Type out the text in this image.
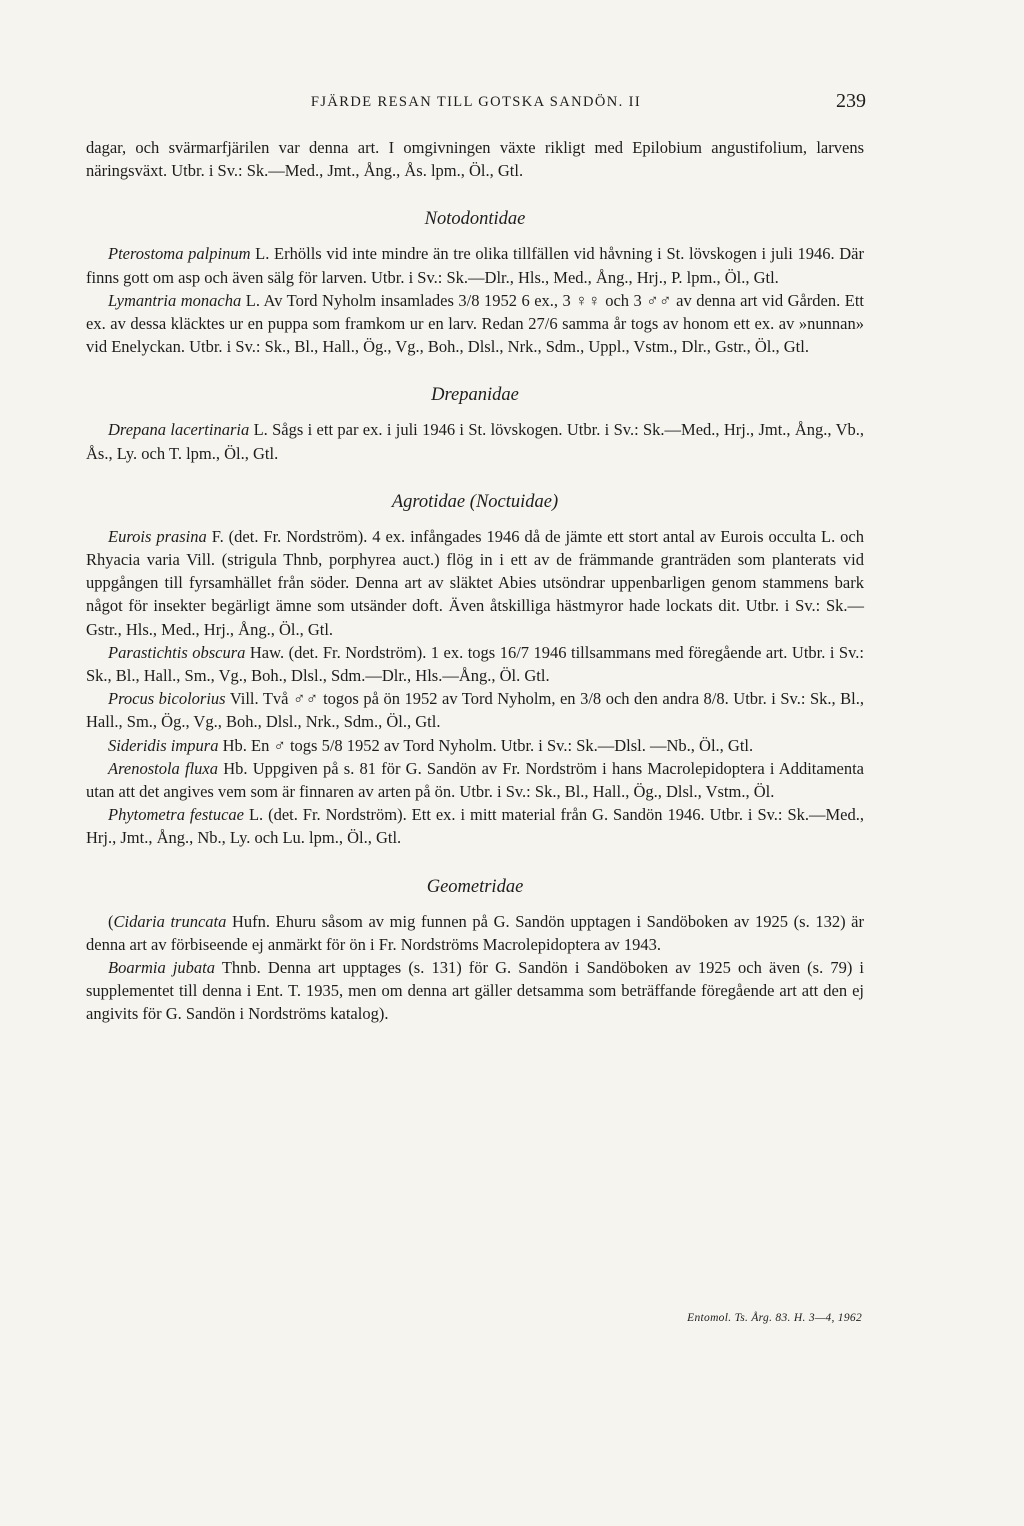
FJÄRDE RESAN TILL GOTSKA SANDÖN. II	239

dagar, och svärmarfjärilen var denna art. I omgivningen växte rikligt med Epilobium angustifolium, larvens näringsväxt. Utbr. i Sv.: Sk.—Med., Jmt., Ång., Ås. lpm., Öl., Gtl.

Notodontidae

Pterostoma palpinum L. Erhölls vid inte mindre än tre olika tillfällen vid håvning i St. lövskogen i juli 1946. Där finns gott om asp och även sälg för larven. Utbr. i Sv.: Sk.—Dlr., Hls., Med., Ång., Hrj., P. lpm., Öl., Gtl.

Lymantria monacha L. Av Tord Nyholm insamlades 3/8 1952 6 ex., 3 ♀♀ och 3 ♂♂ av denna art vid Gården. Ett ex. av dessa kläcktes ur en puppa som framkom ur en larv. Redan 27/6 samma år togs av honom ett ex. av »nunnan» vid Enelyckan. Utbr. i Sv.: Sk., Bl., Hall., Ög., Vg., Boh., Dlsl., Nrk., Sdm., Uppl., Vstm., Dlr., Gstr., Öl., Gtl.

Drepanidae

Drepana lacertinaria L. Sågs i ett par ex. i juli 1946 i St. lövskogen. Utbr. i Sv.: Sk.—Med., Hrj., Jmt., Ång., Vb., Ås., Ly. och T. lpm., Öl., Gtl.

Agrotidae (Noctuidae)

Eurois prasina F. (det. Fr. Nordström). 4 ex. infångades 1946 då de jämte ett stort antal av Eurois occulta L. och Rhyacia varia Vill. (strigula Thnb, porphyrea auct.) flög in i ett av de främmande granträden som planterats vid uppgången till fyrsamhället från söder. Denna art av släktet Abies utsöndrar uppenbarligen genom stammens bark något för insekter begärligt ämne som utsänder doft. Även åtskilliga hästmyror hade lockats dit. Utbr. i Sv.: Sk.—Gstr., Hls., Med., Hrj., Ång., Öl., Gtl.

Parastichtis obscura Haw. (det. Fr. Nordström). 1 ex. togs 16/7 1946 tillsammans med föregående art. Utbr. i Sv.: Sk., Bl., Hall., Sm., Vg., Boh., Dlsl., Sdm.—Dlr., Hls.—Ång., Öl. Gtl.

Procus bicolorius Vill. Två ♂♂ togos på ön 1952 av Tord Nyholm, en 3/8 och den andra 8/8. Utbr. i Sv.: Sk., Bl., Hall., Sm., Ög., Vg., Boh., Dlsl., Nrk., Sdm., Öl., Gtl.

Sideridis impura Hb. En ♂ togs 5/8 1952 av Tord Nyholm. Utbr. i Sv.: Sk.—Dlsl. —Nb., Öl., Gtl.

Arenostola fluxa Hb. Uppgiven på s. 81 för G. Sandön av Fr. Nordström i hans Macrolepidoptera i Additamenta utan att det angives vem som är finnaren av arten på ön. Utbr. i Sv.: Sk., Bl., Hall., Ög., Dlsl., Vstm., Öl.

Phytometra festucae L. (det. Fr. Nordström). Ett ex. i mitt material från G. Sandön 1946. Utbr. i Sv.: Sk.—Med., Hrj., Jmt., Ång., Nb., Ly. och Lu. lpm., Öl., Gtl.

Geometridae

(Cidaria truncata Hufn. Ehuru såsom av mig funnen på G. Sandön upptagen i Sandöboken av 1925 (s. 132) är denna art av förbiseende ej anmärkt för ön i Fr. Nordströms Macrolepidoptera av 1943.

Boarmia jubata Thnb. Denna art upptages (s. 131) för G. Sandön i Sandöboken av 1925 och även (s. 79) i supplementet till denna i Ent. T. 1935, men om denna art gäller detsamma som beträffande föregående art att den ej angivits för G. Sandön i Nordströms katalog).

Entomol. Ts. Årg. 83. H. 3—4, 1962
